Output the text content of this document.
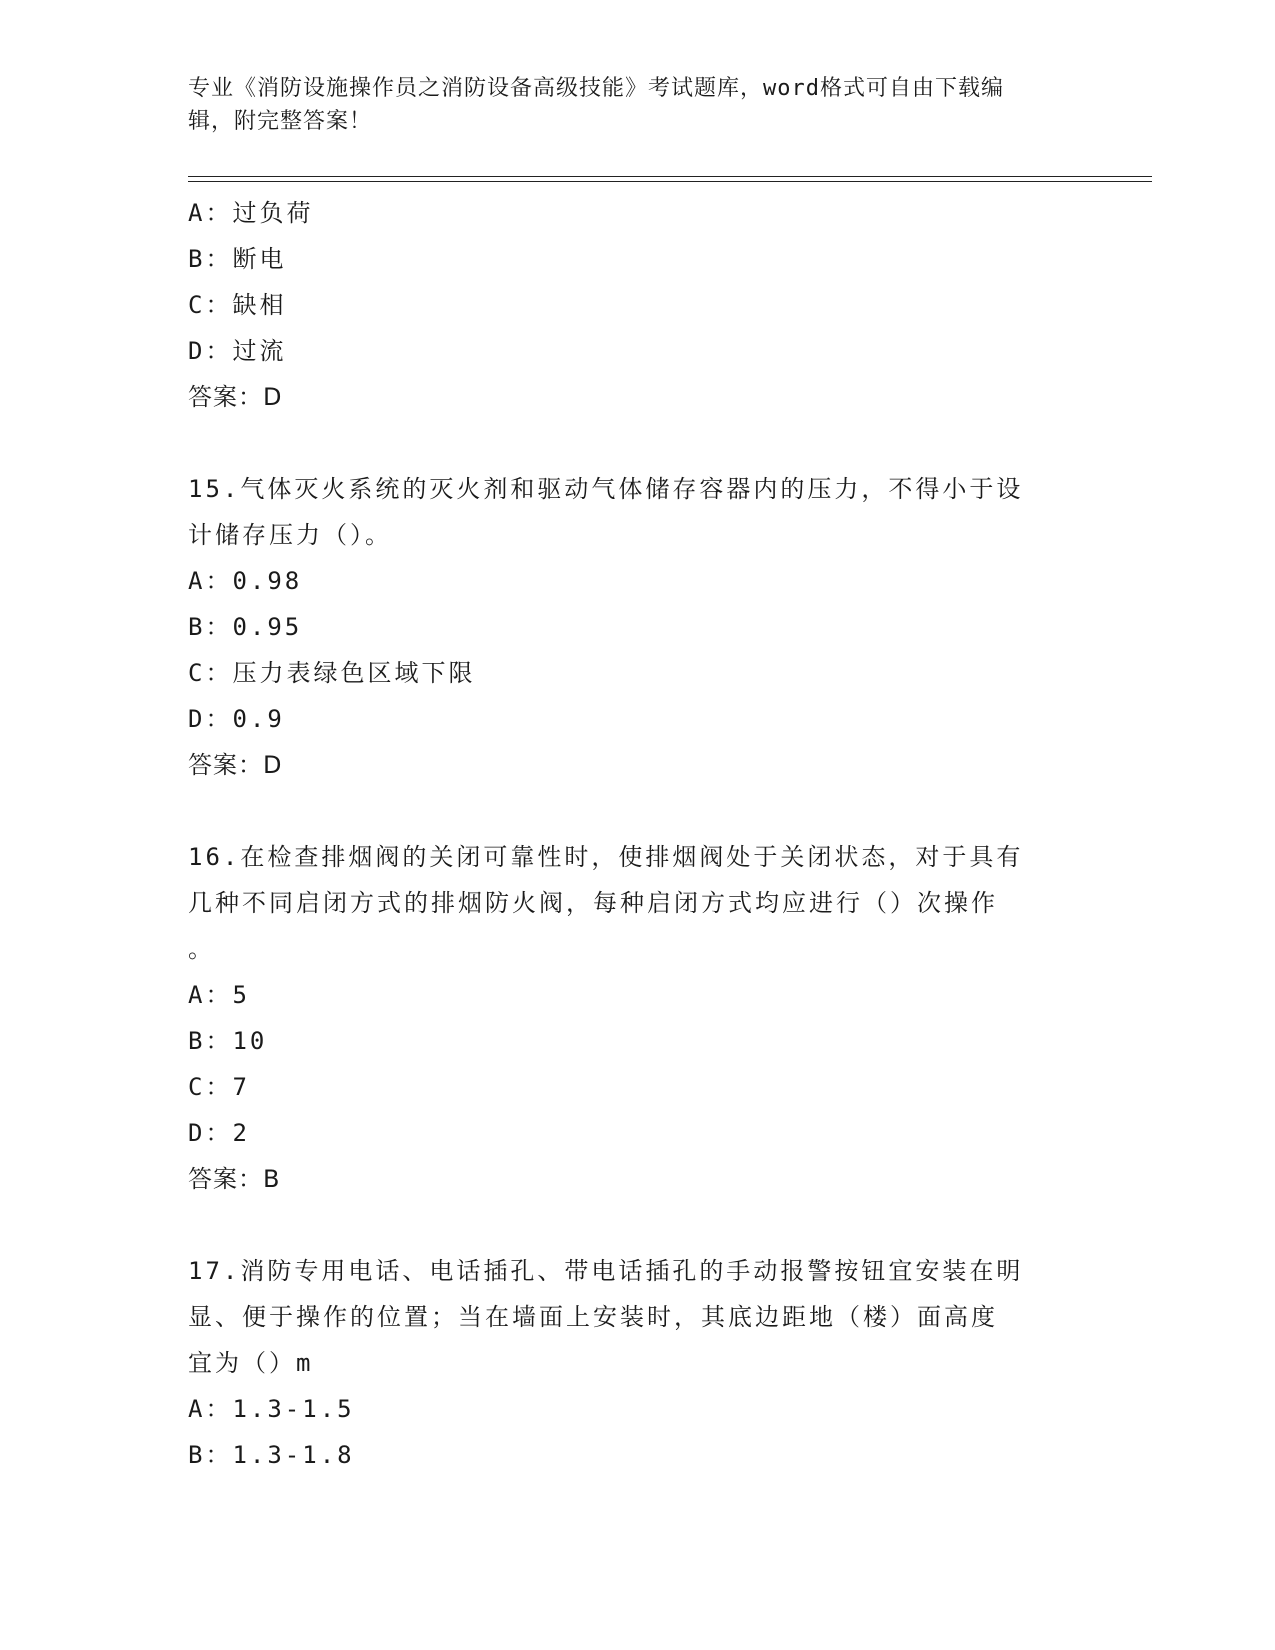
专业《消防设施操作员之消防设备高级技能》考试题库，word格式可自由下载编
辑，附完整答案！
A：过负荷
B：断电
C：缺相
D：过流
答案：D
15.气体灭火系统的灭火剂和驱动气体储存容器内的压力，不得小于设
计储存压力（）。
A：0.98
B：0.95
C：压力表绿色区域下限
D：0.9
答案：D
16.在检查排烟阀的关闭可靠性时，使排烟阀处于关闭状态，对于具有
几种不同启闭方式的排烟防火阀，每种启闭方式均应进行（）次操作
。
A：5
B：10
C：7
D：2
答案：B
17.消防专用电话、电话插孔、带电话插孔的手动报警按钮宜安装在明
显、便于操作的位置；当在墙面上安装时，其底边距地（楼）面高度
宜为（）m
A：1.3-1.5
B：1.3-1.8
